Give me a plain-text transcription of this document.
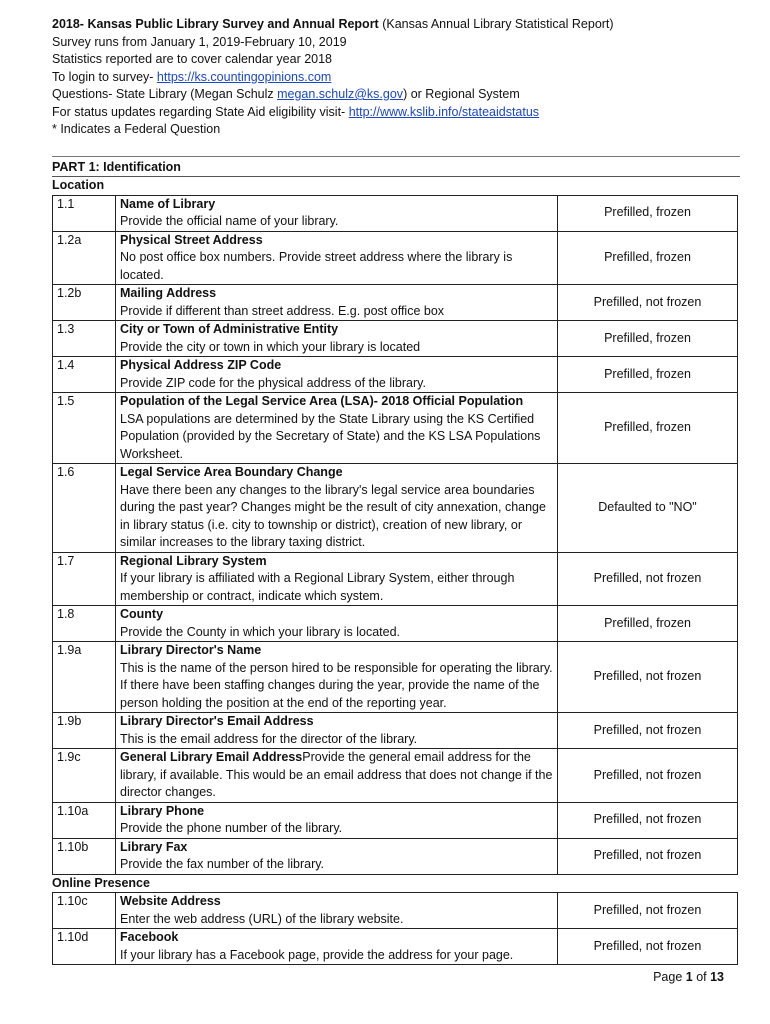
2018- Kansas Public Library Survey and Annual Report (Kansas Annual Library Statistical Report)
Survey runs from January 1, 2019-February 10, 2019
Statistics reported are to cover calendar year 2018
To login to survey- https://ks.countingopinions.com
Questions- State Library (Megan Schulz megan.schulz@ks.gov) or Regional System
For status updates regarding State Aid eligibility visit- http://www.kslib.info/stateaidstatus
* Indicates a Federal Question
PART 1: Identification
Location
1.1	Name of Library
Provide the official name of your library.	Prefilled, frozen
1.2a	Physical Street Address
No post office box numbers. Provide street address where the library is located.	Prefilled, frozen
1.2b	Mailing Address
Provide if different than street address. E.g. post office box	Prefilled, not frozen
1.3	City or Town of Administrative Entity
Provide the city or town in which your library is located	Prefilled, frozen
1.4	Physical Address ZIP Code
Provide ZIP code for the physical address of the library.	Prefilled, frozen
1.5	Population of the Legal Service Area (LSA)- 2018 Official Population
LSA populations are determined by the State Library using the KS Certified Population (provided by the Secretary of State) and the KS LSA Populations Worksheet.	Prefilled, frozen
1.6	Legal Service Area Boundary Change
Have there been any changes to the library's legal service area boundaries during the past year? Changes might be the result of city annexation, change in library status (i.e. city to township or district), creation of new library, or similar increases to the library taxing district.	Defaulted to "NO"
1.7	Regional Library System
If your library is affiliated with a Regional Library System, either through membership or contract, indicate which system.	Prefilled, not frozen
1.8	County
Provide the County in which your library is located.	Prefilled, frozen
1.9a	Library Director's Name
This is the name of the person hired to be responsible for operating the library. If there have been staffing changes during the year, provide the name of the person holding the position at the end of the reporting year.	Prefilled, not frozen
1.9b	Library Director's Email Address
This is the email address for the director of the library.	Prefilled, not frozen
1.9c	General Library Email AddressProvide the general email address for the library, if available. This would be an email address that does not change if the director changes.	Prefilled, not frozen
1.10a	Library Phone
Provide the phone number of the library.	Prefilled, not frozen
1.10b	Library Fax
Provide the fax number of the library.	Prefilled, not frozen
Online Presence
1.10c	Website Address
Enter the web address (URL) of the library website.	Prefilled, not frozen
1.10d	Facebook
If your library has a Facebook page, provide the address for your page.	Prefilled, not frozen
Page 1 of 13
